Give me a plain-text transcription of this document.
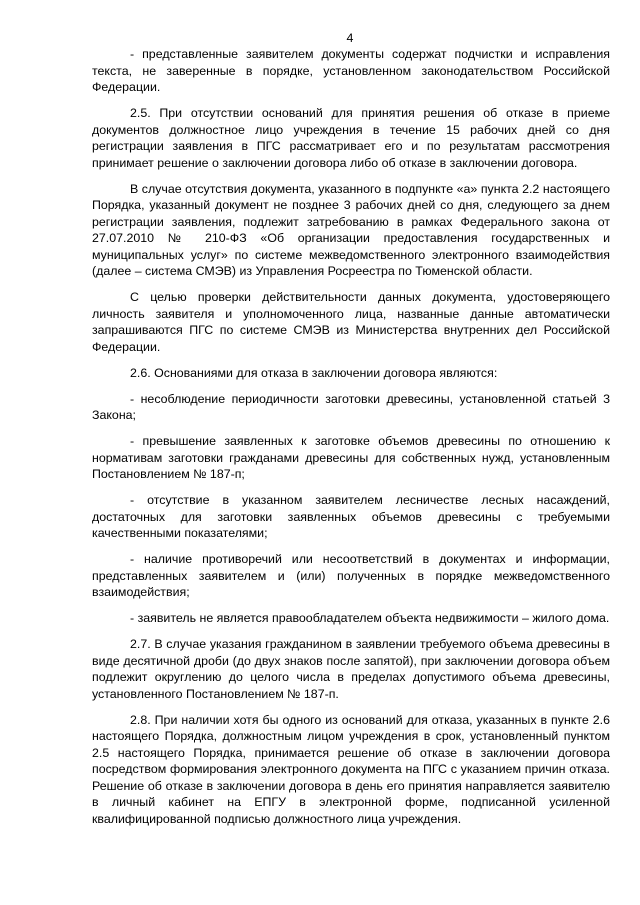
4

- представленные заявителем документы содержат подчистки и исправления текста, не заверенные в порядке, установленном законодательством Российской Федерации.

2.5. При отсутствии оснований для принятия решения об отказе в приеме документов должностное лицо учреждения в течение 15 рабочих дней со дня регистрации заявления в ПГС рассматривает его и по результатам рассмотрения принимает решение о заключении договора либо об отказе в заключении договора.

В случае отсутствия документа, указанного в подпункте «а» пункта 2.2 настоящего Порядка, указанный документ не позднее 3 рабочих дней со дня, следующего за днем регистрации заявления, подлежит затребованию в рамках Федерального закона от 27.07.2010 № 210-ФЗ «Об организации предоставления государственных и муниципальных услуг» по системе межведомственного электронного взаимодействия (далее – система СМЭВ) из Управления Росреестра по Тюменской области.

С целью проверки действительности данных документа, удостоверяющего личность заявителя и уполномоченного лица, названные данные автоматически запрашиваются ПГС по системе СМЭВ из Министерства внутренних дел Российской Федерации.

2.6. Основаниями для отказа в заключении договора являются:

- несоблюдение периодичности заготовки древесины, установленной статьей 3 Закона;

- превышение заявленных к заготовке объемов древесины по отношению к нормативам заготовки гражданами древесины для собственных нужд, установленным Постановлением № 187-п;

- отсутствие в указанном заявителем лесничестве лесных насаждений, достаточных для заготовки заявленных объемов древесины с требуемыми качественными показателями;

- наличие противоречий или несоответствий в документах и информации, представленных заявителем и (или) полученных в порядке межведомственного взаимодействия;

- заявитель не является правообладателем объекта недвижимости – жилого дома.

2.7. В случае указания гражданином в заявлении требуемого объема древесины в виде десятичной дроби (до двух знаков после запятой), при заключении договора объем подлежит округлению до целого числа в пределах допустимого объема древесины, установленного Постановлением № 187-п.

2.8. При наличии хотя бы одного из оснований для отказа, указанных в пункте 2.6 настоящего Порядка, должностным лицом учреждения в срок, установленный пунктом 2.5 настоящего Порядка, принимается решение об отказе в заключении договора посредством формирования электронного документа на ПГС с указанием причин отказа. Решение об отказе в заключении договора в день его принятия направляется заявителю в личный кабинет на ЕПГУ в электронной форме, подписанной усиленной квалифицированной подписью должностного лица учреждения.
